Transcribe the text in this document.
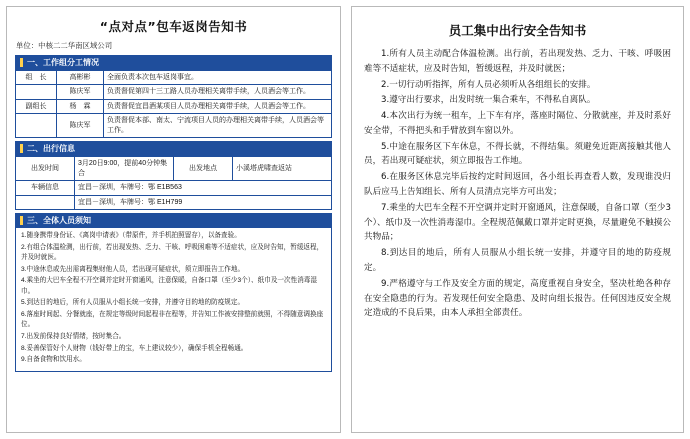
“点对点”包车返岗告知书
单位：中核二二华南区域公司
一、工作组分工情况
组　长	高彬彬	全面负责本次包车返岗事宜。
	陈庆军	负责督促第四十三工路人员办理相关离带手续，人员酒会等工作。
副组长	杨　霖	负责督促宜昌酒某项目人员办理相关离带手续，人员酒会等工作。
	陈庆军	负责督促本部、南太、宁流项目人员的办理相关离带手续，人员酒会等工作。
二、出行信息
出发时间	3月20日9:00，提前40分钟集合	出发地点	小溪塔虎啸查返站
车辆信息	宜昌－深圳，车牌号：鄂 E1B563		
	宜昌－深圳，车牌号：鄂 E1H799		
三、全体人员须知

1.随身携带身份证、《离岗申请表》（带原件，并手机拍照留存），以备查验。

2.有组合体温检测，出行前，若出现发热、乏力、干咳、呼吸困难等不适症状，应及时告知，暂缓返程，并及时就医。

3.中途休息或先出需离程集财他人员，若出现可疑症状，须立即报告工作地。

4.乘坐的大巴车全程不开空调并定时开窗通风，注意保暖，自备口罩（至少3个）、纸巾及一次性消毒湿巾。

5.到达目的地后，所有人员服从小组长统一安排，并遵守目的地的防疫规定。

6.落座时间起、分餐就座，在规定等级时间起程非在程等，并告知工作被安排整前就照，不得随意调换座位。

7.出发前保持良好情绪，按时集合。

8.妥善保管好个人财物（钱好带上的宝，车上建议较少），确保手机全程畅通。

9.自备食物和饮用水。

员工集中出行安全告知书

1.所有人员主动配合体温检测。出行前，若出现发热、乏力、干咳、呼吸困难等不适症状，应及时告知，暂缓返程，并及时就医；

2.一切行动听指挥，所有人员必须听从各组组长的安排。

3.遵守出行要求，出发时统一集合乘车，不得私自离队。

4.本次出行为统一租车，上下车有序，落座时隔位、分散就座，并及时系好安全带，不得把头和手臂放到车窗以外。

5.中途在服务区下车休息，不得长就，不得结集。须避免近距离接触其他人员，若出现可疑症状，须立即报告工作地。

6.在服务区休息完毕后按约定时间返回，各小组长再查看人数，发现谁没归队后应马上告知组长、所有人员清点完毕方可出发；

7.乘坐的大巴车全程不开空调并定时开窗通风，注意保暖，自备口罩（至少3个）、纸巾及一次性消毒湿巾。全程规范佩戴口罩并定时更换，尽量避免不触摸公共物品；

8.到达目的地后，所有人员服从小组长统一安排，并遵守目的地的防疫规定。

9.严格遵守与工作及安全方面的规定，高度重视自身安全，坚决杜绝各种存在安全隐患的行为。若发现任何安全隐患、及时向组长报告。任何因违反安全规定造成的不良后果，由本人承担全部责任。
